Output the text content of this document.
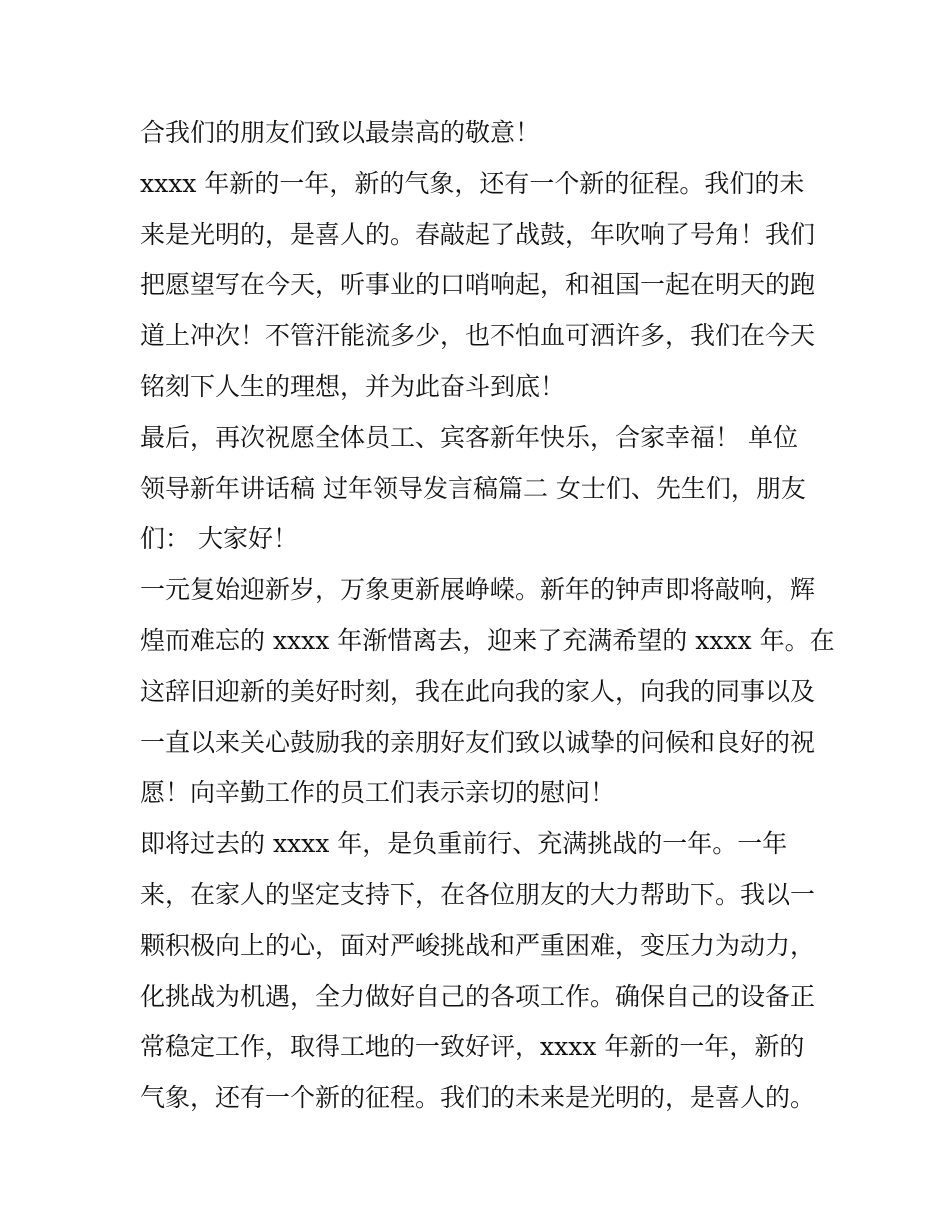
合我们的朋友们致以最崇高的敬意！
xxxx 年新的一年，新的气象，还有一个新的征程。我们的未
来是光明的，是喜人的。春敲起了战鼓，年吹响了号角！我们
把愿望写在今天，听事业的口哨响起，和祖国一起在明天的跑
道上冲次！不管汗能流多少，也不怕血可洒许多，我们在今天
铭刻下人生的理想，并为此奋斗到底！
最后，再次祝愿全体员工、宾客新年快乐，合家幸福！ 单位
领导新年讲话稿 过年领导发言稿篇二 女士们、先生们，朋友
们： 大家好！
一元复始迎新岁，万象更新展峥嵘。新年的钟声即将敲响，辉
煌而难忘的 xxxx 年渐惜离去，迎来了充满希望的 xxxx 年。在
这辞旧迎新的美好时刻，我在此向我的家人，向我的同事以及
一直以来关心鼓励我的亲朋好友们致以诚挚的问候和良好的祝
愿！向辛勤工作的员工们表示亲切的慰问！
即将过去的 xxxx 年，是负重前行、充满挑战的一年。一年
来，在家人的坚定支持下，在各位朋友的大力帮助下。我以一
颗积极向上的心，面对严峻挑战和严重困难，变压力为动力，
化挑战为机遇，全力做好自己的各项工作。确保自己的设备正
常稳定工作，取得工地的一致好评，xxxx 年新的一年，新的
气象，还有一个新的征程。我们的未来是光明的，是喜人的。
